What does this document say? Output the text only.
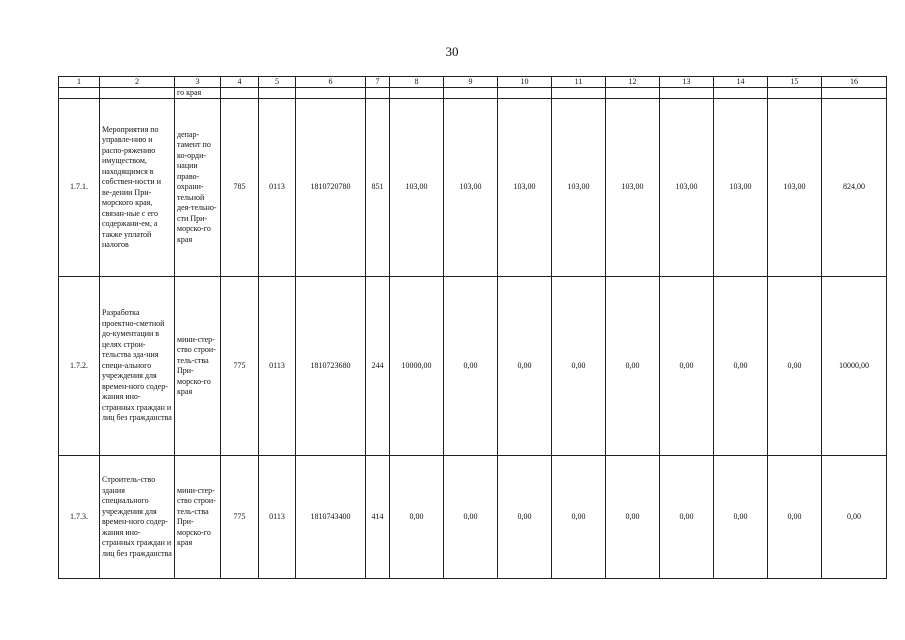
30
1	2	3	4	5	6	7	8	9	10	11	12	13	14	15	16
		го края													
1.7.1.	Мероприятия по управле-нию и распо-ряжению имуществом, находящимся в собствен-ности и ве-дении При-морского края, связан-ные с его содержани-ем, а также уплатой налогов	депар-тамент по ко-орди-нации право-охрани-тельной дея-тельно-сти При-морско-го края	785	0113	1810720780	851	103,00	103,00	103,00	103,00	103,00	103,00	103,00	103,00	824,00
1.7.2.	Разработка проектно-сметной до-кументации в целях строи-тельства зда-ния специ-ального учреждения для времен-ного содер-жания ино-странных граждан и лиц без гражданства	мини-стер-ство строи-тель-ства При-морско-го края	775	0113	1810723680	244	10000,00	0,00	0,00	0,00	0,00	0,00	0,00	0,00	10000,00
1.7.3.	Строитель-ство здания специального учреждения для времен-ного содер-жания ино-странных граждан и лиц без гражданства	мини-стер-ство строи-тель-ства При-морско-го края	775	0113	1810743400	414	0,00	0,00	0,00	0,00	0,00	0,00	0,00	0,00	0,00
